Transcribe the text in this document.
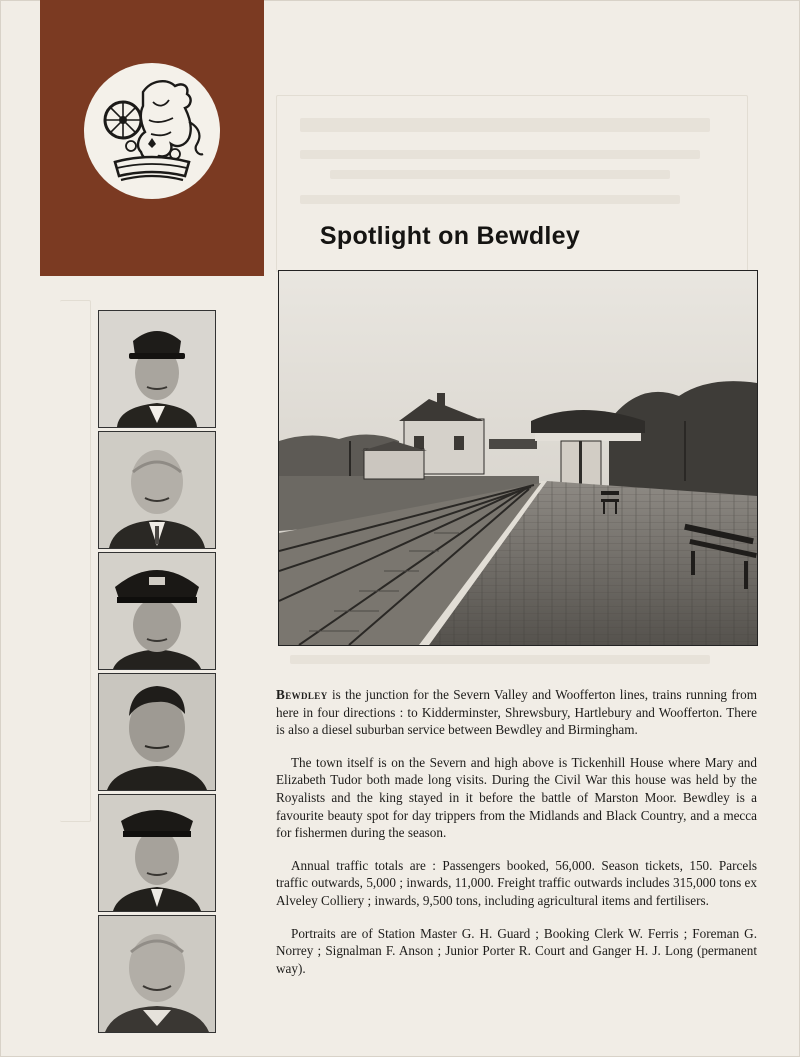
Spotlight on Bewdley

Bewdley is the junction for the Severn Valley and Woofferton lines, trains running from here in four directions : to Kidderminster, Shrewsbury, Hartlebury and Woofferton. There is also a diesel suburban service between Bewdley and Birmingham.

The town itself is on the Severn and high above is Tickenhill House where Mary and Elizabeth Tudor both made long visits. During the Civil War this house was held by the Royalists and the king stayed in it before the battle of Marston Moor. Bewdley is a favourite beauty spot for day trippers from the Midlands and Black Country, and a mecca for fishermen during the season.

Annual traffic totals are : Passengers booked, 56,000. Season tickets, 150. Parcels traffic outwards, 5,000 ; inwards, 11,000. Freight traffic outwards includes 315,000 tons ex Alveley Colliery ; inwards, 9,500 tons, including agricultural items and fertilisers.

Portraits are of Station Master G. H. Guard ; Booking Clerk W. Ferris ; Foreman G. Norrey ; Signalman F. Anson ; Junior Porter R. Court and Ganger H. J. Long (permanent way).
